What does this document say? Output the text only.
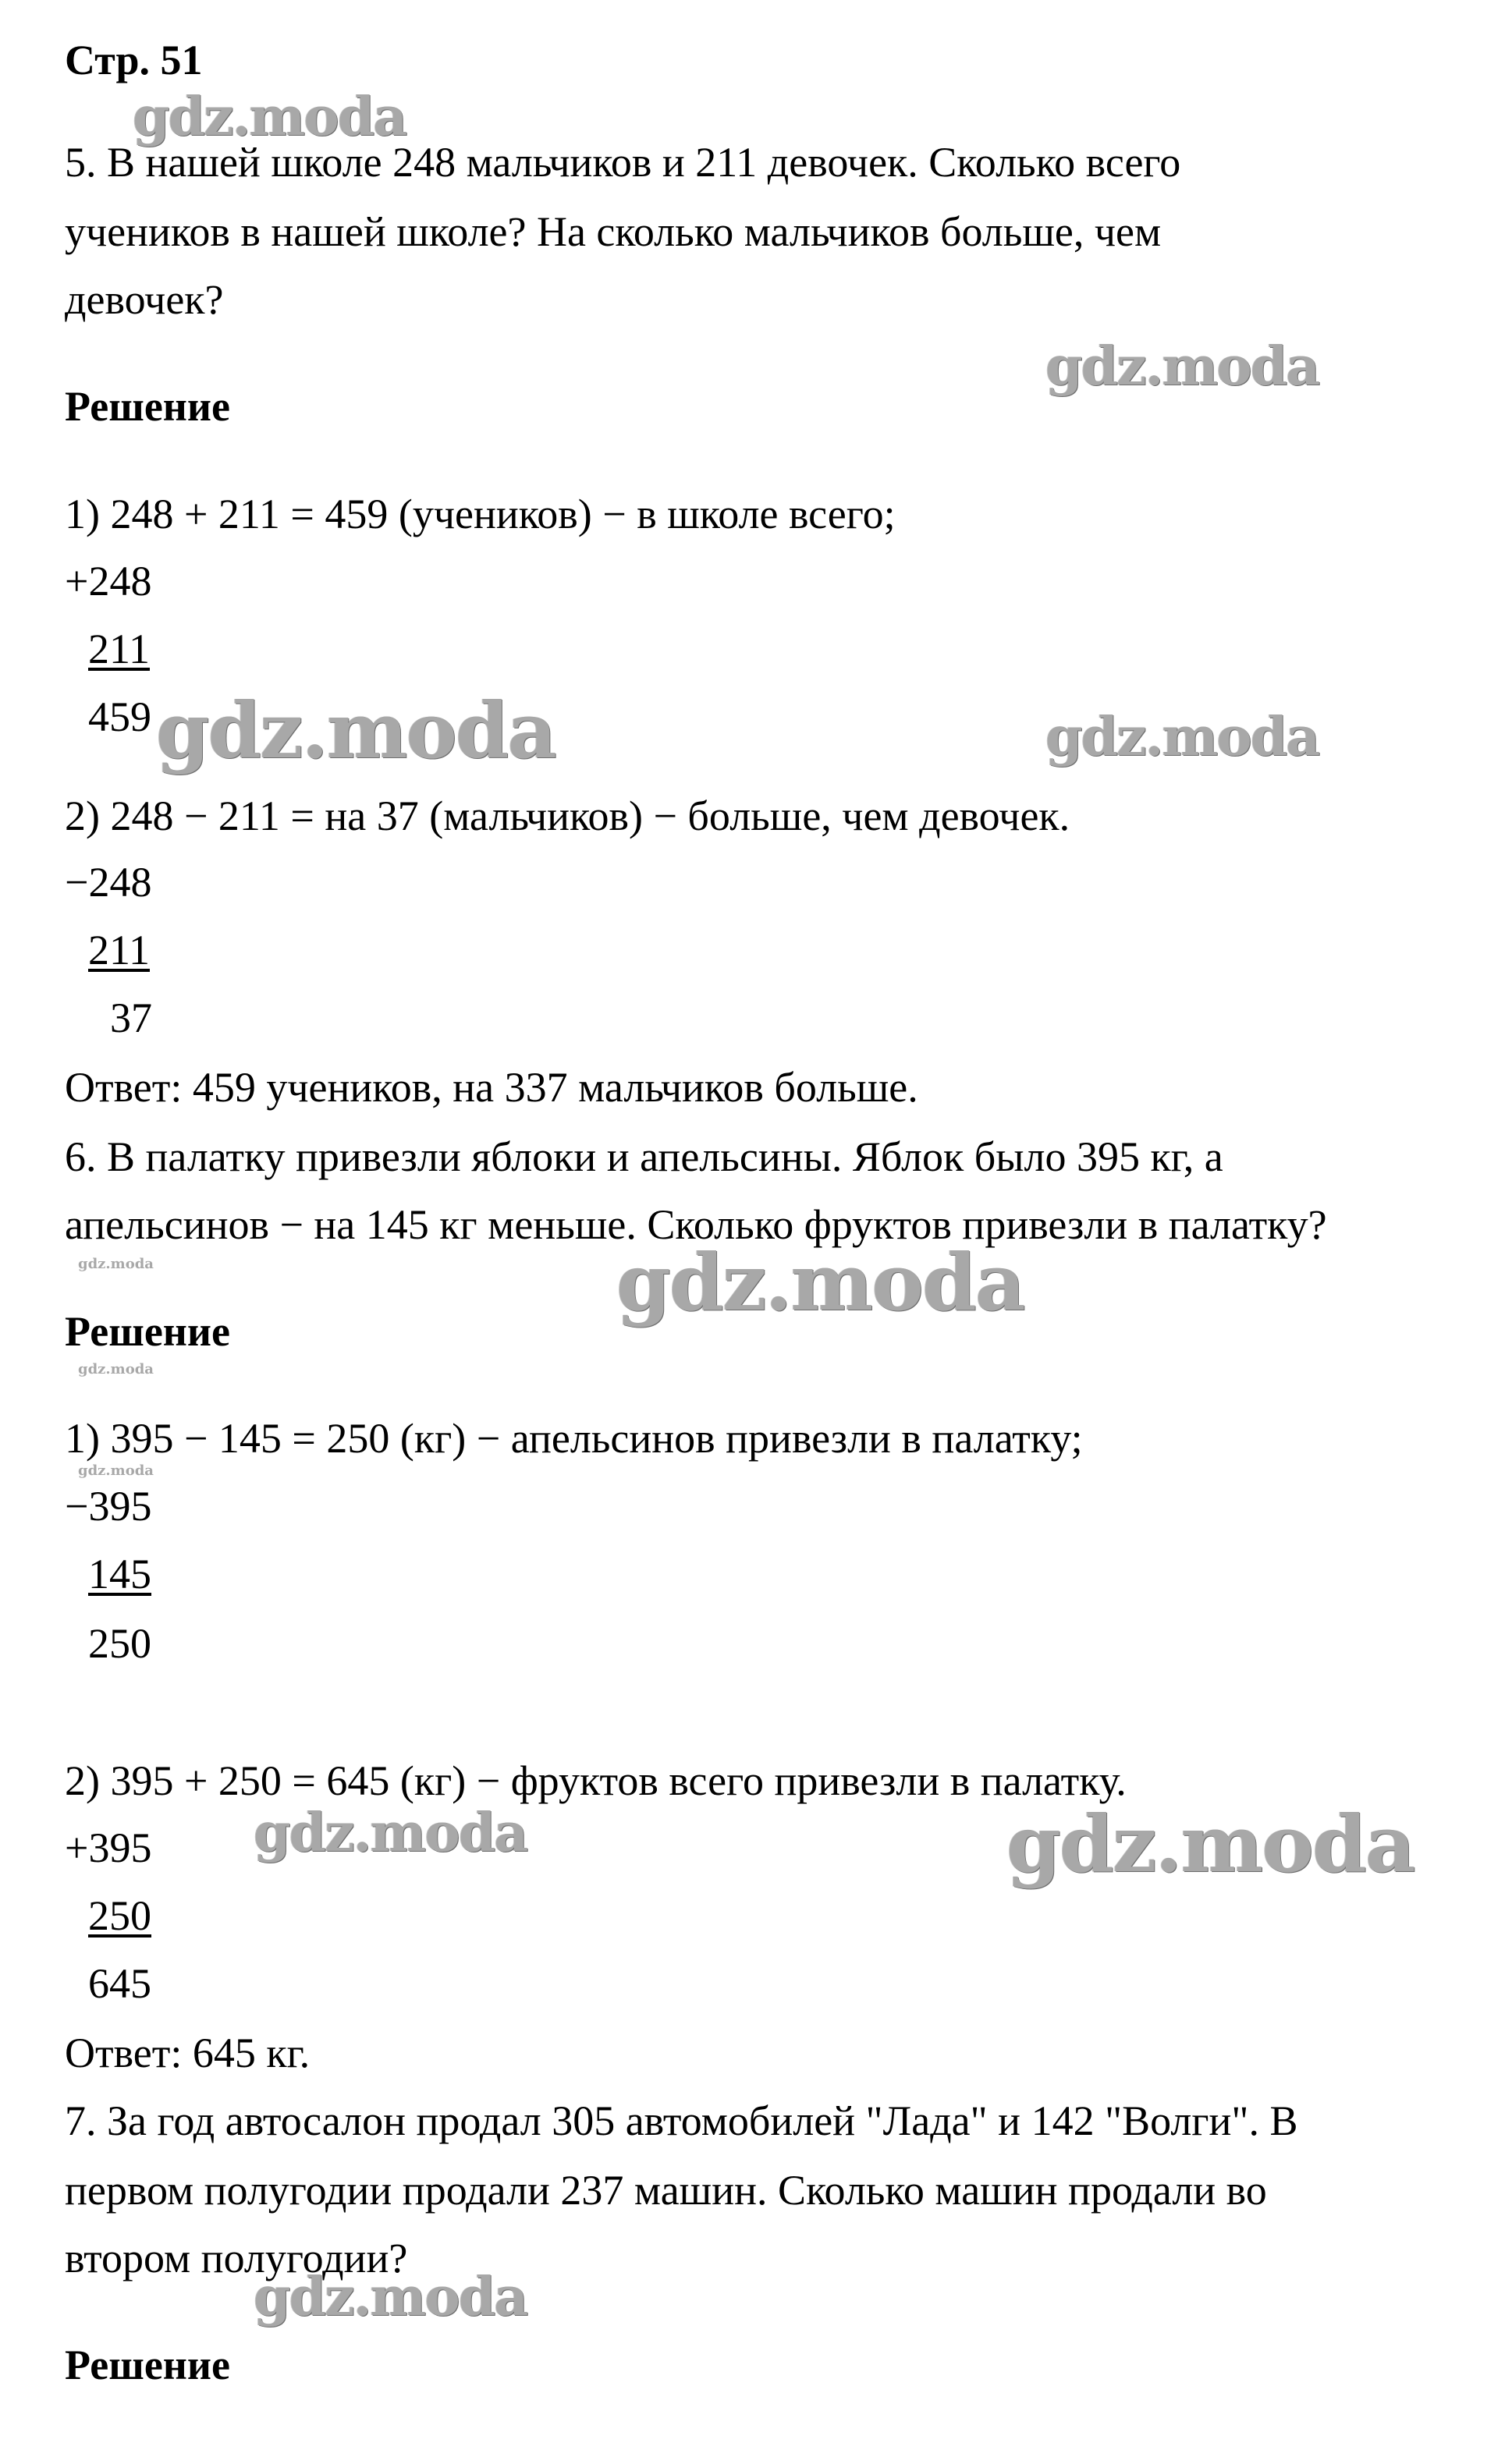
Стр. 51
5. В нашей школе 248 мальчиков и 211 девочек. Сколько всего
учеников в нашей школе? На сколько мальчиков больше, чем
девочек?
Решение
1) 248 + 211 = 459 (учеников) − в школе всего;
+248
211
459
2) 248 − 211 = на 37 (мальчиков) − больше, чем девочек.
−248
211
37
Ответ: 459 учеников, на 337 мальчиков больше.
6. В палатку привезли яблоки и апельсины. Яблок было 395 кг, а
апельсинов − на 145 кг меньше. Сколько фруктов привезли в палатку?
Решение
1) 395 − 145 = 250 (кг) − апельсинов привезли в палатку;
−395
145
250
2) 395 + 250 = 645 (кг) − фруктов всего привезли в палатку.
+395
250
645
Ответ: 645 кг.
7. За год автосалон продал 305 автомобилей "Лада" и 142 "Волги". В
первом полугодии продали 237 машин. Сколько машин продали во
втором полугодии?
Решение
gdz.moda
gdz.moda
gdz.moda	gdz.moda
gdz.moda
gdz.moda	gdz.moda
gdz.moda
gdz.moda
gdz.moda
gdz.moda
